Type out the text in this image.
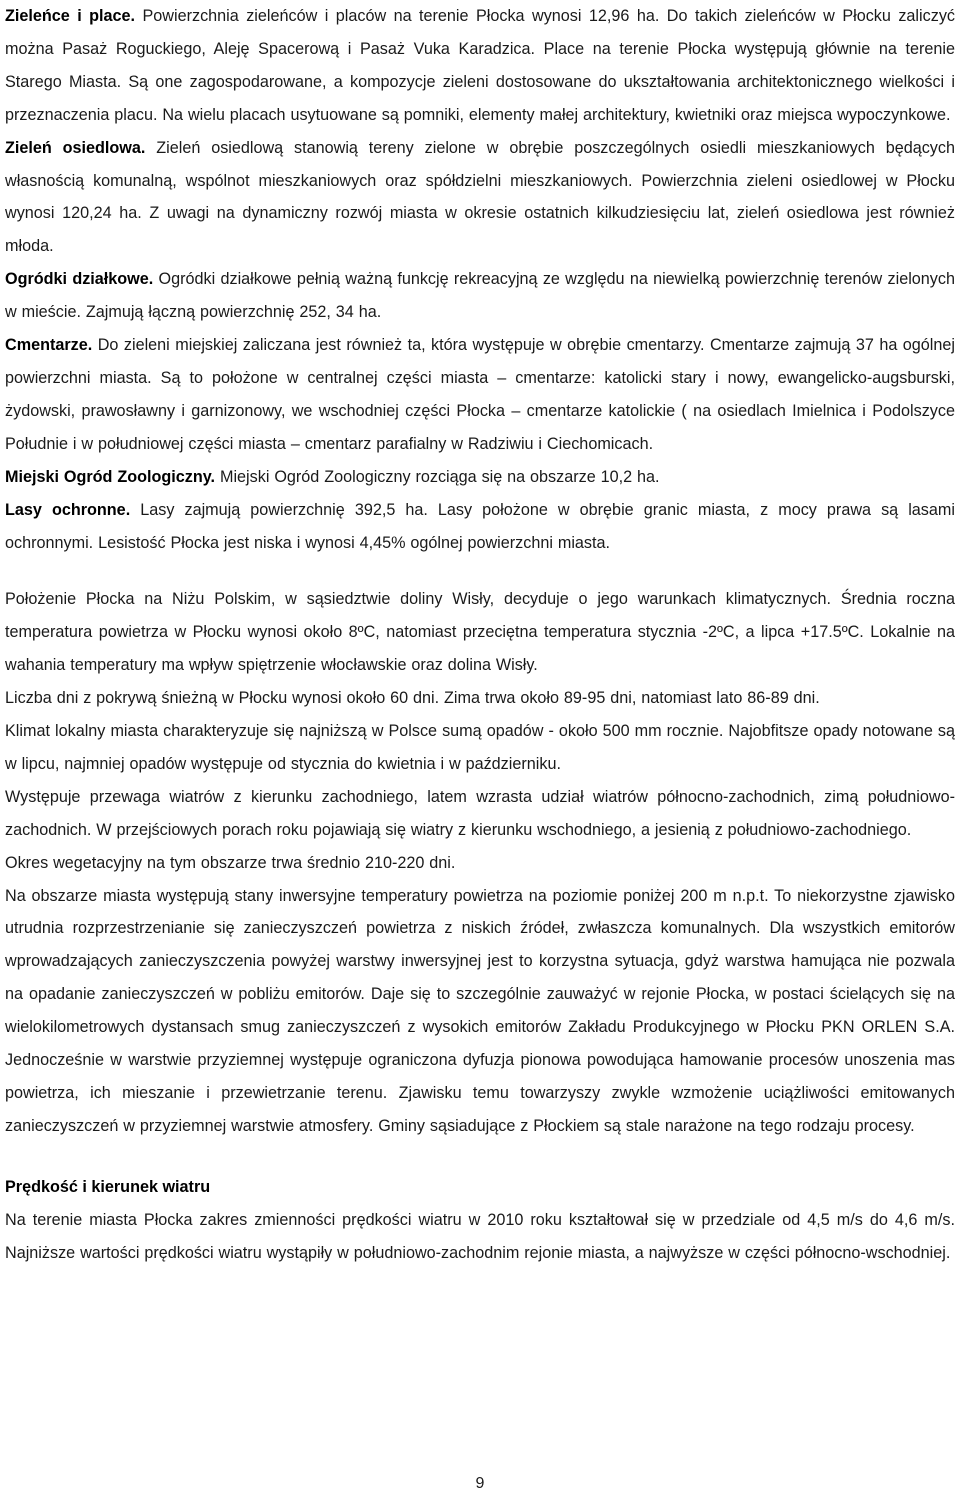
Zieleńce i place. Powierzchnia zieleńców i placów na terenie Płocka wynosi 12,96 ha. Do takich zieleńców w Płocku zaliczyć można Pasaż Roguckiego, Aleję Spacerową i Pasaż Vuka Karadzica. Place na terenie Płocka występują głównie na terenie Starego Miasta. Są one zagospodarowane, a kompozycje zieleni dostosowane do ukształtowania architektonicznego wielkości i przeznaczenia placu. Na wielu placach usytuowane są pomniki, elementy małej architektury, kwietniki oraz miejsca wypoczynkowe.

Zieleń osiedlowa. Zieleń osiedlową stanowią tereny zielone w obrębie poszczególnych osiedli mieszkaniowych będących własnością komunalną, wspólnot mieszkaniowych oraz spółdzielni mieszkaniowych. Powierzchnia zieleni osiedlowej w Płocku wynosi 120,24 ha. Z uwagi na dynamiczny rozwój miasta w okresie ostatnich kilkudziesięciu lat, zieleń osiedlowa jest również młoda.

Ogródki działkowe. Ogródki działkowe pełnią ważną funkcję rekreacyjną ze względu na niewielką powierzchnię terenów zielonych w mieście. Zajmują łączną powierzchnię 252, 34 ha.

Cmentarze. Do zieleni miejskiej zaliczana jest również ta, która występuje w obrębie cmentarzy. Cmentarze zajmują 37 ha ogólnej powierzchni miasta. Są to położone w centralnej części miasta – cmentarze: katolicki stary i nowy, ewangelicko-augsburski, żydowski, prawosławny i garnizonowy, we wschodniej części Płocka – cmentarze katolickie ( na osiedlach Imielnica i Podolszyce Południe i w południowej części miasta – cmentarz parafialny w Radziwiu i Ciechomicach.

Miejski Ogród Zoologiczny. Miejski Ogród Zoologiczny rozciąga się na obszarze 10,2 ha.

Lasy ochronne. Lasy zajmują powierzchnię 392,5 ha. Lasy położone w obrębie granic miasta, z mocy prawa są lasami ochronnymi. Lesistość Płocka jest niska i wynosi 4,45% ogólnej powierzchni miasta.

Położenie Płocka na Niżu Polskim, w sąsiedztwie doliny Wisły, decyduje o jego warunkach klimatycznych. Średnia roczna temperatura powietrza w Płocku wynosi około 8ºC, natomiast przeciętna temperatura stycznia -2ºC, a lipca +17.5ºC. Lokalnie na wahania temperatury ma wpływ spiętrzenie włocławskie oraz dolina Wisły.

Liczba dni z pokrywą śnieżną w Płocku wynosi około 60 dni. Zima trwa około 89-95 dni, natomiast lato 86-89 dni.

Klimat lokalny miasta charakteryzuje się najniższą w Polsce sumą opadów - około 500 mm rocznie. Najobfitsze opady notowane są w lipcu, najmniej opadów występuje od stycznia do kwietnia i w październiku.

Występuje przewaga wiatrów z kierunku zachodniego, latem wzrasta udział wiatrów północno-zachodnich, zimą południowo-zachodnich. W przejściowych porach roku pojawiają się wiatry z kierunku wschodniego, a jesienią z południowo-zachodniego.

Okres wegetacyjny na tym obszarze trwa średnio 210-220 dni.

Na obszarze miasta występują stany inwersyjne temperatury powietrza na poziomie poniżej 200 m n.p.t. To niekorzystne zjawisko utrudnia rozprzestrzenianie się zanieczyszczeń powietrza z niskich źródeł, zwłaszcza komunalnych. Dla wszystkich emitorów wprowadzających zanieczyszczenia powyżej warstwy inwersyjnej jest to korzystna sytuacja, gdyż warstwa hamująca nie pozwala na opadanie zanieczyszczeń w pobliżu emitorów. Daje się to szczególnie zauważyć w rejonie Płocka, w postaci ścielących się na wielokilometrowych dystansach smug zanieczyszczeń z wysokich emitorów Zakładu Produkcyjnego w Płocku PKN ORLEN S.A. Jednocześnie w warstwie przyziemnej występuje ograniczona dyfuzja pionowa powodująca hamowanie procesów unoszenia mas powietrza, ich mieszanie i przewietrzanie terenu. Zjawisku temu towarzyszy zwykle wzmożenie uciążliwości emitowanych zanieczyszczeń w przyziemnej warstwie atmosfery. Gminy sąsiadujące z Płockiem są stale narażone na tego rodzaju procesy.

Prędkość i kierunek wiatru

Na terenie miasta Płocka zakres zmienności prędkości wiatru w 2010 roku kształtował się w przedziale od 4,5 m/s do 4,6 m/s. Najniższe wartości prędkości wiatru wystąpiły w południowo-zachodnim rejonie miasta, a najwyższe w części północno-wschodniej.

9
